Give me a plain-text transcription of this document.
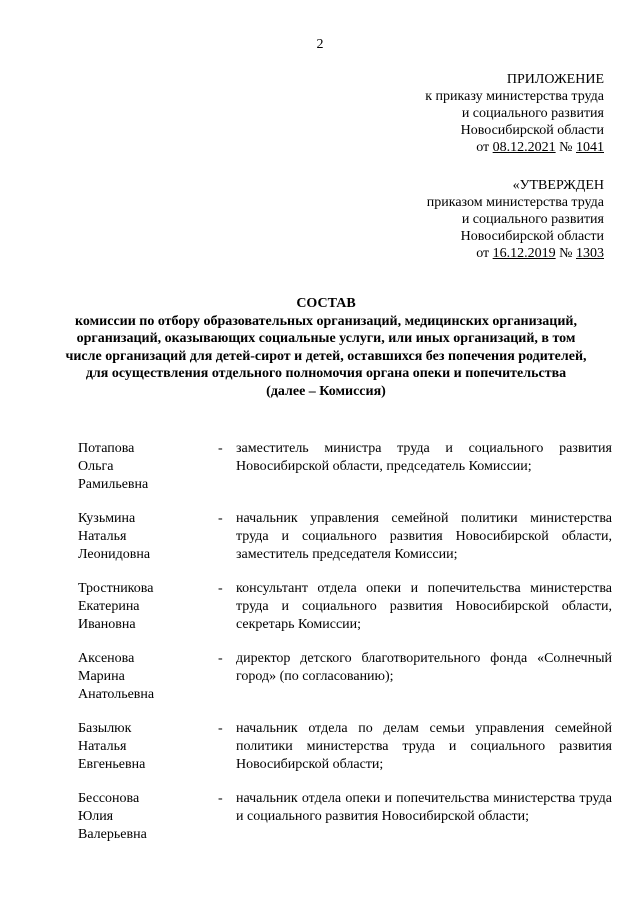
2
ПРИЛОЖЕНИЕ
к приказу министерства труда
и социального развития
Новосибирской области
от 08.12.2021 № 1041
«УТВЕРЖДЕН
приказом министерства труда
и социального развития
Новосибирской области
от 16.12.2019 № 1303
СОСТАВ
комиссии по отбору образовательных организаций, медицинских организаций, организаций, оказывающих социальные услуги, или иных организаций, в том числе организаций для детей-сирот и детей, оставшихся без попечения родителей, для осуществления отдельного полномочия органа опеки и попечительства
(далее – Комиссия)
Потапова
Ольга
Рамильевна
- заместитель министра труда и социального развития Новосибирской области, председатель Комиссии;
Кузьмина
Наталья
Леонидовна
- начальник управления семейной политики министерства труда и социального развития Новосибирской области, заместитель председателя Комиссии;
Тростникова
Екатерина
Ивановна
- консультант отдела опеки и попечительства министерства труда и социального развития Новосибирской области, секретарь Комиссии;
Аксенова
Марина
Анатольевна
- директор детского благотворительного фонда «Солнечный город» (по согласованию);
Базылюк
Наталья
Евгеньевна
- начальник отдела по делам семьи управления семейной политики министерства труда и социального развития Новосибирской области;
Бессонова
Юлия
Валерьевна
- начальник отдела опеки и попечительства министерства труда и социального развития Новосибирской области;
